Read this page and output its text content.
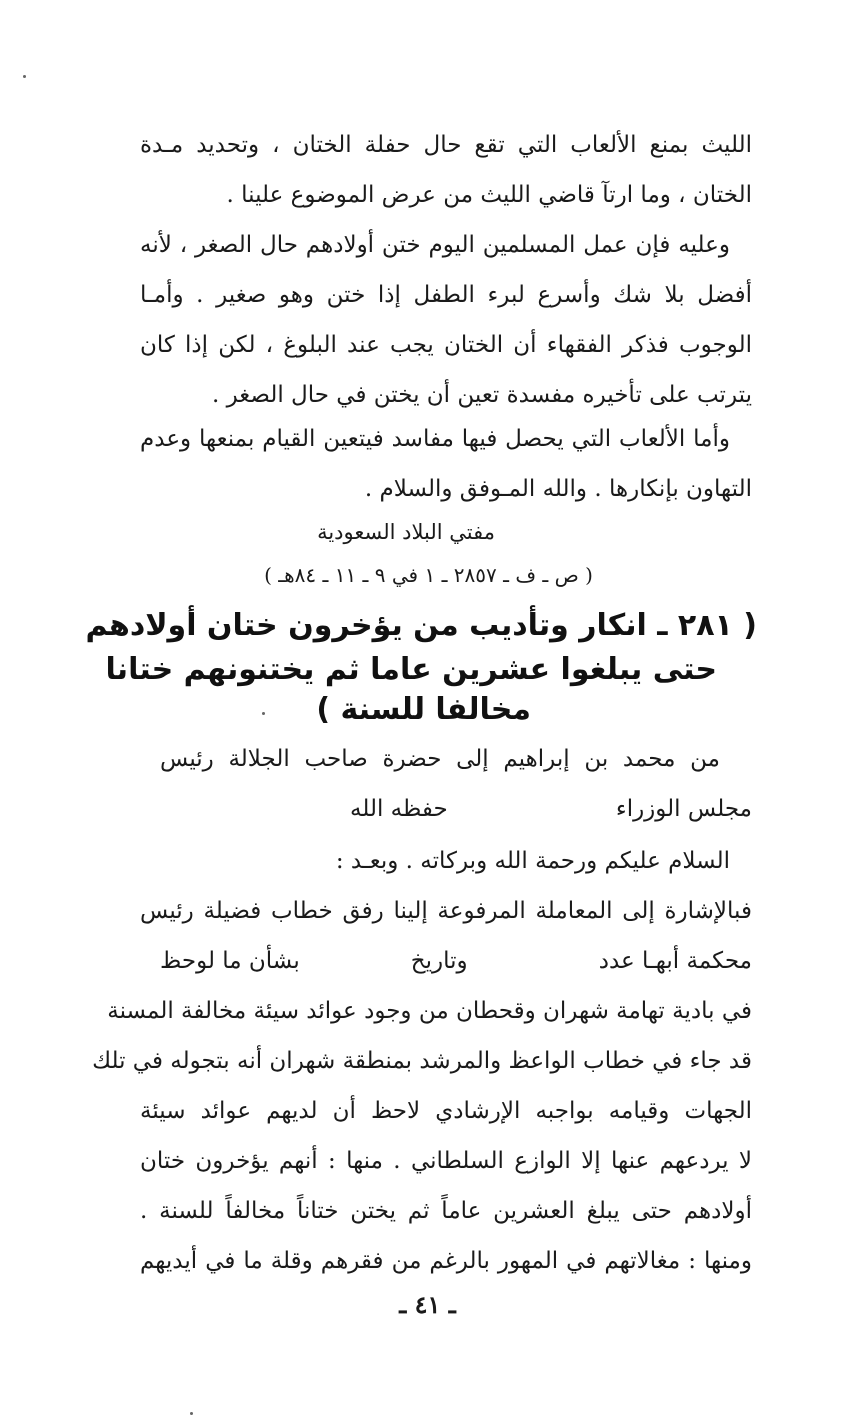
الليث بمنع الألعاب التي تقع حال حفلة الختان ، وتحديد مـدة
الختان ، وما ارتآ قاضي الليث من عرض الموضوع علينا .
وعليه فإن عمل المسلمين اليوم ختن أولادهم حال الصغر ، لأنه
أفضل بلا شك وأسرع لبرء الطفل إذا ختن وهو صغير . وأمـا
الوجوب فذكر الفقهاء أن الختان يجب عند البلوغ ، لكن إذا كان
يترتب على تأخيره مفسدة تعين أن يختن في حال الصغر .
وأما الألعاب التي يحصل فيها مفاسد فيتعين القيام بمنعها وعدم
التهاون بإنكارها . والله المـوفق والسلام .
مفتي البلاد السعودية
( ص ـ ف ـ ٢٨٥٧ ـ ١ في ٩ ـ ١١ ـ ٨٤هـ )
( ٢٨١ ـ انكار وتأديب من يؤخرون ختان أولادهم
حتى يبلغوا عشرين عاما ثم يختنونهم ختانا
مخالفا للسنة )
من محمد بن إبراهيم إلى حضرة صاحب الجلالة رئيس
مجلس الوزراء
حفظه الله
السلام عليكم ورحمة الله وبركاته . وبعـد :
فبالإشارة إلى المعاملة المرفوعة إلينا رفق خطاب فضيلة رئيس
محكمة أبهـا عدد
وتاريخ
بشأن ما لوحظ
في بادية تهامة شهران وقحطان من وجود عوائد سيئة مخالفة المسنة
قد جاء في خطاب الواعظ والمرشد بمنطقة شهران أنه بتجوله في تلك
الجهات وقيامه بواجبه الإرشادي لاحظ أن لديهم عوائد سيئة
لا يردعهم عنها إلا الوازع السلطاني . منها : أنهم يؤخرون ختان
أولادهم حتى يبلغ العشرين عاماً ثم يختن ختاناً مخالفاً للسنة .
ومنها : مغالاتهم في المهور بالرغم من فقرهم وقلة ما في أيديهم
ـ ٤١ ـ
